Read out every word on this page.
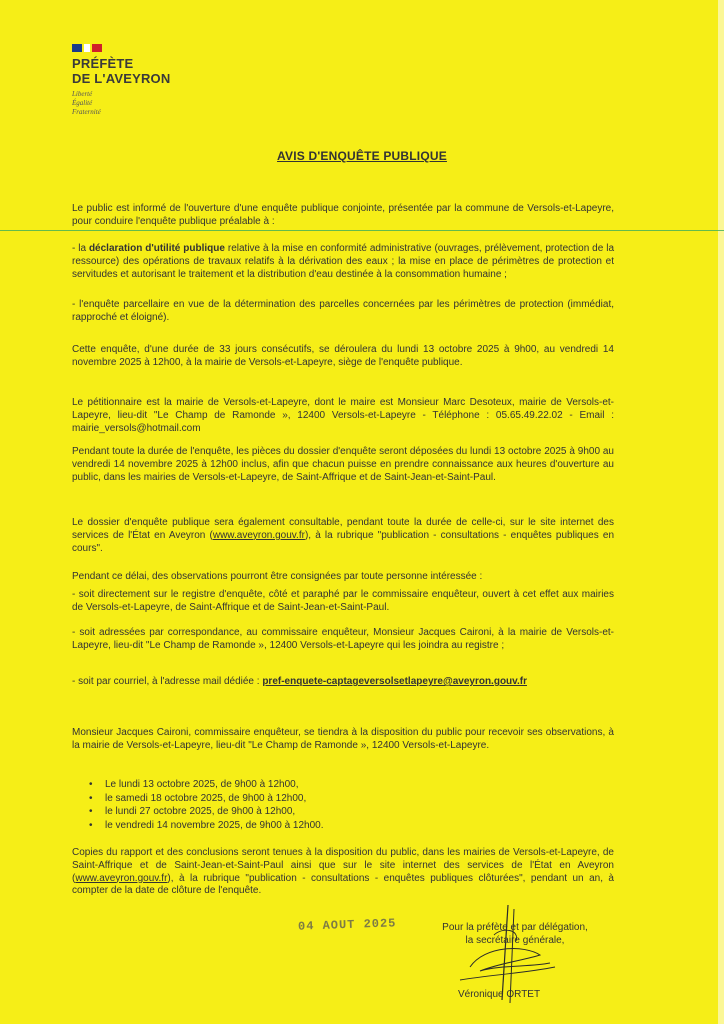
PRÉFÈTE
DE L'AVEYRON
Liberté
Égalité
Fraternité
AVIS D'ENQUÊTE PUBLIQUE

Le public est informé de l'ouverture d'une enquête publique conjointe, présentée par la commune de Versols-et-Lapeyre, pour conduire l'enquête publique préalable à :

- la déclaration d'utilité publique relative à la mise en conformité administrative (ouvrages, prélèvement, protection de la ressource) des opérations de travaux relatifs à la dérivation des eaux ; la mise en place de périmètres de protection et servitudes et autorisant le traitement et la distribution d'eau destinée à la consommation humaine ;

- l'enquête parcellaire en vue de la détermination des parcelles concernées par les périmètres de protection (immédiat, rapproché et éloigné).

Cette enquête, d'une durée de 33 jours consécutifs, se déroulera du lundi 13 octobre 2025 à 9h00, au vendredi 14 novembre 2025 à 12h00, à la mairie de Versols-et-Lapeyre, siège de l'enquête publique.

Le pétitionnaire est la mairie de Versols-et-Lapeyre, dont le maire est Monsieur Marc Desoteux, mairie de Versols-et-Lapeyre, lieu-dit "Le Champ de Ramonde », 12400 Versols-et-Lapeyre - Téléphone : 05.65.49.22.02 - Email : mairie_versols@hotmail.com

Pendant toute la durée de l'enquête, les pièces du dossier d'enquête seront déposées du lundi 13 octobre 2025 à 9h00 au vendredi 14 novembre 2025 à 12h00 inclus, afin que chacun puisse en prendre connaissance aux heures d'ouverture au public, dans les mairies de Versols-et-Lapeyre, de Saint-Affrique et de Saint-Jean-et-Saint-Paul.

Le dossier d'enquête publique sera également consultable, pendant toute la durée de celle-ci, sur le site internet des services de l'État en Aveyron (www.aveyron.gouv.fr), à la rubrique "publication - consultations - enquêtes publiques en cours".

Pendant ce délai, des observations pourront être consignées par toute personne intéressée :

- soit directement sur le registre d'enquête, côté et paraphé par le commissaire enquêteur, ouvert à cet effet aux mairies de Versols-et-Lapeyre, de Saint-Affrique et de Saint-Jean-et-Saint-Paul.

- soit adressées par correspondance, au commissaire enquêteur, Monsieur Jacques Caironi, à la mairie de Versols-et-Lapeyre, lieu-dit "Le Champ de Ramonde », 12400 Versols-et-Lapeyre qui les joindra au registre ;

- soit par courriel, à l'adresse mail dédiée : pref-enquete-captageversolsetlapeyre@aveyron.gouv.fr

Monsieur Jacques Caironi, commissaire enquêteur, se tiendra à la disposition du public pour recevoir ses observations, à la mairie de Versols-et-Lapeyre, lieu-dit "Le Champ de Ramonde », 12400 Versols-et-Lapeyre.

• Le lundi 13 octobre 2025, de 9h00 à 12h00,
• le samedi 18 octobre 2025, de 9h00 à 12h00,
• le lundi 27 octobre 2025, de 9h00 à 12h00,
• le vendredi 14 novembre 2025, de 9h00 à 12h00.

Copies du rapport et des conclusions seront tenues à la disposition du public, dans les mairies de Versols-et-Lapeyre, de Saint-Affrique et de Saint-Jean-et-Saint-Paul ainsi que sur le site internet des services de l'État en Aveyron (www.aveyron.gouv.fr), à la rubrique "publication - consultations - enquêtes publiques clôturées", pendant un an, à compter de la date de clôture de l'enquête.

04 AOUT 2025	Pour la préfète et par délégation,
la secrétaire générale,
Véronique ORTET
